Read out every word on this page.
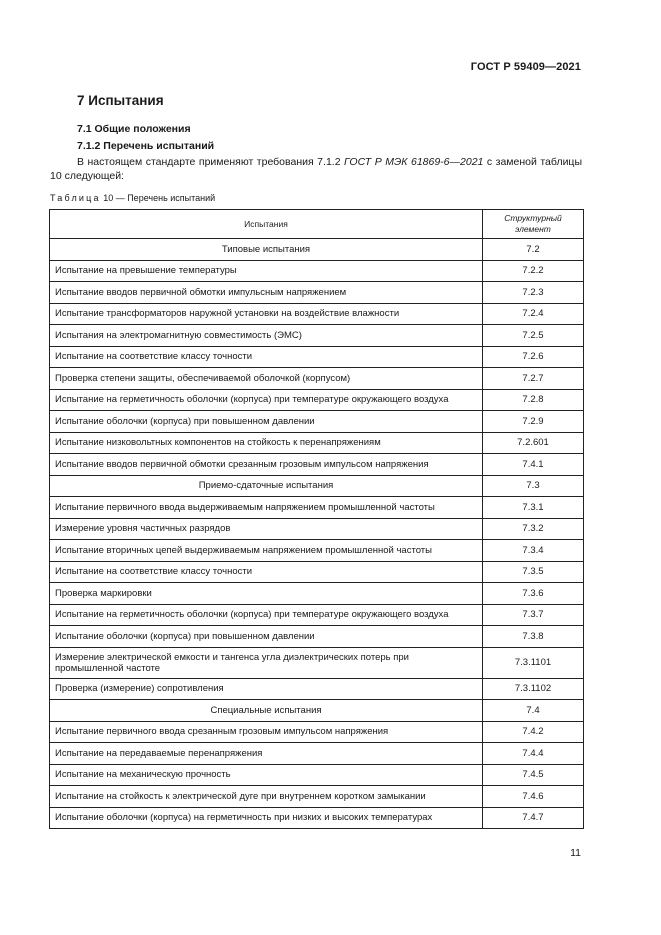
ГОСТ Р 59409—2021
7 Испытания
7.1 Общие положения
7.1.2 Перечень испытаний
В настоящем стандарте применяют требования 7.1.2 ГОСТ Р МЭК 61869-6—2021 с заменой таблицы 10 следующей:
Таблица 10 — Перечень испытаний
Испытания	Структурный элемент
Типовые испытания	7.2
Испытание на превышение температуры	7.2.2
Испытание вводов первичной обмотки импульсным напряжением	7.2.3
Испытание трансформаторов наружной установки на воздействие влажности	7.2.4
Испытания на электромагнитную совместимость (ЭМС)	7.2.5
Испытание на соответствие классу точности	7.2.6
Проверка степени защиты, обеспечиваемой оболочкой (корпусом)	7.2.7
Испытание на герметичность оболочки (корпуса) при температуре окружающего воздуха	7.2.8
Испытание оболочки (корпуса) при повышенном давлении	7.2.9
Испытание низковольтных компонентов на стойкость к перенапряжениям	7.2.601
Испытание вводов первичной обмотки срезанным грозовым импульсом напряжения	7.4.1
Приемо-сдаточные испытания	7.3
Испытание первичного ввода выдерживаемым напряжением промышленной частоты	7.3.1
Измерение уровня частичных разрядов	7.3.2
Испытание вторичных цепей выдерживаемым напряжением промышленной частоты	7.3.4
Испытание на соответствие классу точности	7.3.5
Проверка маркировки	7.3.6
Испытание на герметичность оболочки (корпуса) при температуре окружающего воздуха	7.3.7
Испытание оболочки (корпуса) при повышенном давлении	7.3.8
Измерение электрической емкости и тангенса угла диэлектрических потерь при промышленной частоте	7.3.1101
Проверка (измерение) сопротивления	7.3.1102
Специальные испытания	7.4
Испытание первичного ввода срезанным грозовым импульсом напряжения	7.4.2
Испытание на передаваемые перенапряжения	7.4.4
Испытание на механическую прочность	7.4.5
Испытание на стойкость к электрической дуге при внутреннем коротком замыкании	7.4.6
Испытание оболочки (корпуса) на герметичность при низких и высоких температурах	7.4.7
11
